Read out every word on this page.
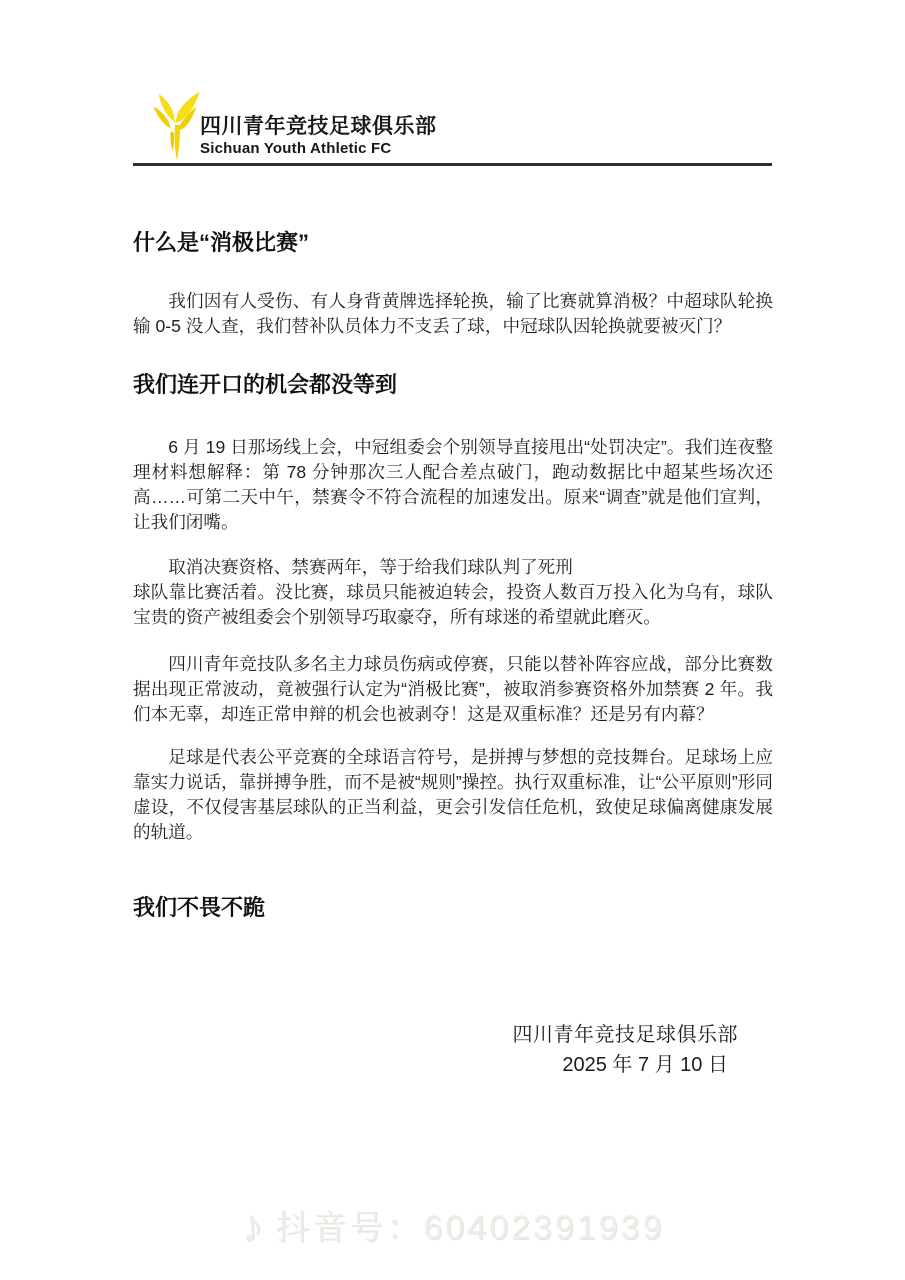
四川青年竞技足球俱乐部
Sichuan Youth Athletic FC
什么是“消极比赛”

我们因有人受伤、有人身背黄牌选择轮换，输了比赛就算消极？中超球队轮换输 0-5 没人查，我们替补队员体力不支丢了球，中冠球队因轮换就要被灭门？

我们连开口的机会都没等到

6 月 19 日那场线上会，中冠组委会个别领导直接甩出“处罚决定”。我们连夜整理材料想解释：第 78 分钟那次三人配合差点破门，跑动数据比中超某些场次还高……可第二天中午，禁赛令不符合流程的加速发出。原来“调查”就是他们宣判，让我们闭嘴。

取消决赛资格、禁赛两年，等于给我们球队判了死刑
球队靠比赛活着。没比赛，球员只能被迫转会，投资人数百万投入化为乌有，球队宝贵的资产被组委会个别领导巧取豪夺，所有球迷的希望就此磨灭。

四川青年竞技队多名主力球员伤病或停赛，只能以替补阵容应战，部分比赛数据出现正常波动，竟被强行认定为“消极比赛”，被取消参赛资格外加禁赛 2 年。我们本无辜，却连正常申辩的机会也被剥夺！这是双重标准？还是另有内幕？

足球是代表公平竞赛的全球语言符号，是拼搏与梦想的竞技舞台。足球场上应靠实力说话，靠拼搏争胜，而不是被“规则”操控。执行双重标准，让“公平原则”形同虚设，不仅侵害基层球队的正当利益，更会引发信任危机，致使足球偏离健康发展的轨道。

我们不畏不跪
四川青年竞技足球俱乐部
2025 年 7 月 10 日
♪ 抖音号：60402391939
